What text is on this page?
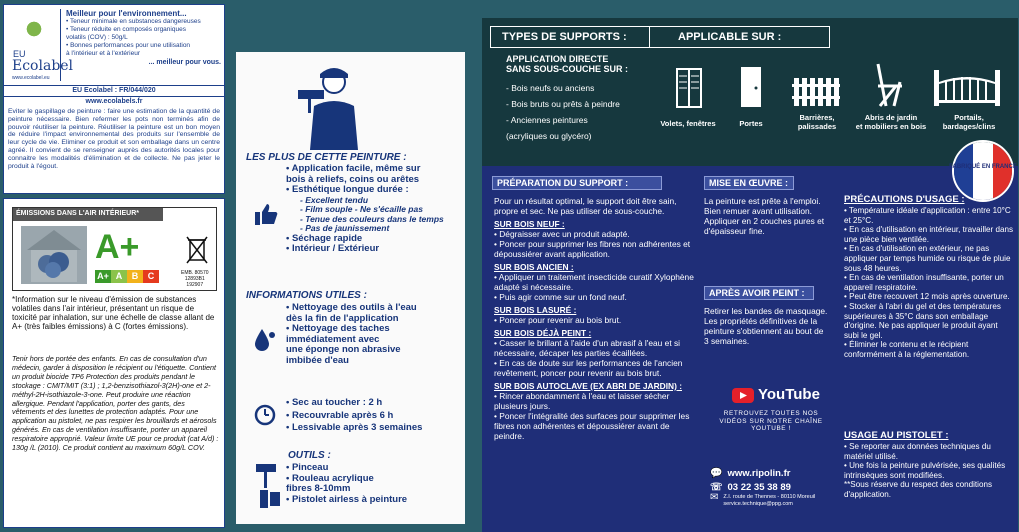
EU
Ecolabel
www.ecolabel.eu
Meilleur pour l'environnement...
• Teneur minimale en substances dangereuses
• Teneur réduite en composés organiques
volatils (COV) : 50g/L
• Bonnes performances pour une utilisation
à l'intérieur et à l'extérieur
... meilleur pour vous.
EU Ecolabel : FR/044/020
www.ecolabels.fr
Eviter le gaspillage de peinture : faire une estimation de la quantité de peinture nécessaire. Bien refermer les pots non terminés afin de pouvoir réutiliser la peinture. Réutiliser la peinture est un bon moyen de réduire l'impact environnemental des produits sur l'ensemble de leur cycle de vie. Eliminer ce produit et son emballage dans un centre agréé. Il convient de se renseigner auprès des autorités locales pour connaitre les modalités d'élimination et de collecte. Ne pas jeter le produit à l'égout.
ÉMISSIONS DANS L'AIR INTÉRIEUR*
A+
A+ A	B	C	EMB. 80570
12893B1
192907
*Information sur le niveau d'émission de substances volatiles dans l'air intérieur, présentant un risque de toxicité par inhalation, sur une échelle de classe allant de A+ (très faibles émissions) à C (fortes émissions).
Tenir hors de portée des enfants. En cas de consultation d'un médecin, garder à disposition le récipient ou l'étiquette. Contient un produit biocide TP6 Protection des produits pendant le stockage : CMIT/MIT (3:1) ; 1,2-benzisothiazol-3(2H)-one et 2-méthyl-2H-isothiazole-3-one. Peut produire une réaction allergique. Pendant l'application, porter des gants, des vêtements et des lunettes de protection adaptés. Pour une application au pistolet, ne pas respirer les brouillards et aérosols générés. En cas de ventilation insuffisante, porter un appareil respiratoire approprié. Valeur limite UE pour ce produit (cat A/d) : 130g /L (2010). Ce produit contient au maximum 60g/L COV.
LES PLUS DE CETTE PEINTURE :
• Application facile, même sur
bois à reliefs, coins ou arêtes
• Esthétique longue durée :
- Excellent tendu
- Film souple - Ne s'écaille pas
- Tenue des couleurs dans le temps
- Pas de jaunissement
• Séchage rapide
• Intérieur / Extérieur
INFORMATIONS UTILES :
• Nettoyage des outils à l'eau
dès la fin de l'application
• Nettoyage des taches
immédiatement avec
une éponge non abrasive
imbibée d'eau
• Sec au toucher : 2 h
• Recouvrable après 6 h
• Lessivable après 3 semaines
OUTILS :
• Pinceau
• Rouleau acrylique
fibres 8-10mm
• Pistolet airless à peinture
TYPES DE SUPPORTS :	APPLICABLE SUR :
APPLICATION DIRECTE
SANS SOUS-COUCHE SUR :
- Bois neufs ou anciens
- Bois bruts ou prêts à peindre
- Anciennes peintures
(acryliques ou glycéro)
Volets, fenêtres	Portes
Barrières,
palissades
Abris de jardin
et mobiliers en bois
Portails,
bardages/clins
FABRIQUÉ EN FRANCE
PRÉPARATION DU SUPPORT :
Pour un résultat optimal, le support doit être sain, propre et sec. Ne pas utiliser de sous-couche.
SUR BOIS NEUF :
• Dégraisser avec un produit adapté.
• Poncer pour supprimer les fibres non adhérentes et dépoussiérer avant application.
SUR BOIS ANCIEN :
• Appliquer un traitement insecticide curatif Xylophène adapté si nécessaire.
• Puis agir comme sur un fond neuf.
SUR BOIS LASURÉ :
• Poncer pour revenir au bois brut.
SUR BOIS DÉJÀ PEINT :
• Casser le brillant à l'aide d'un abrasif à l'eau et si nécessaire, décaper les parties écaillées.
• En cas de doute sur les performances de l'ancien revêtement, poncer pour revenir au bois brut.
SUR BOIS AUTOCLAVE (EX ABRI DE JARDIN) :
• Rincer abondamment à l'eau et laisser sécher plusieurs jours.
• Poncer l'intégralité des surfaces pour supprimer les fibres non adhérentes et dépoussiérer avant de peindre.
MISE EN ŒUVRE :
La peinture est prête à l'emploi. Bien remuer avant utilisation. Appliquer en 2 couches pures et d'épaisseur fine.
APRÈS AVOIR PEINT :
Retirer les bandes de masquage. Les propriétés définitives de la peinture s'obtiennent au bout de 3 semaines.
YouTube
RETROUVEZ TOUTES NOS VIDÉOS SUR NOTRE CHAÎNE YOUTUBE !
💬 www.ripolin.fr
☏ 03 22 35 38 89
✉ Z.I. route de Thennes - 80110 Moreuil
service.technique@ppg.com
PRÉCAUTIONS D'USAGE :
• Température idéale d'application : entre 10°C et 25°C.
• En cas d'utilisation en intérieur, travailler dans une pièce bien ventilée.
• En cas d'utilisation en extérieur, ne pas appliquer par temps humide ou risque de pluie sous 48 heures.
• En cas de ventilation insuffisante, porter un appareil respiratoire.
• Peut être recouvert 12 mois après ouverture.
• Stocker à l'abri du gel et des températures supérieures à 35°C dans son emballage d'origine. Ne pas appliquer le produit ayant subi le gel.
• Éliminer le contenu et le récipient conformément à la réglementation.
USAGE AU PISTOLET :
• Se reporter aux données techniques du matériel utilisé.
• Une fois la peinture pulvérisée, ses qualités intrinsèques sont modifiées.
**Sous réserve du respect des conditions d'application.
